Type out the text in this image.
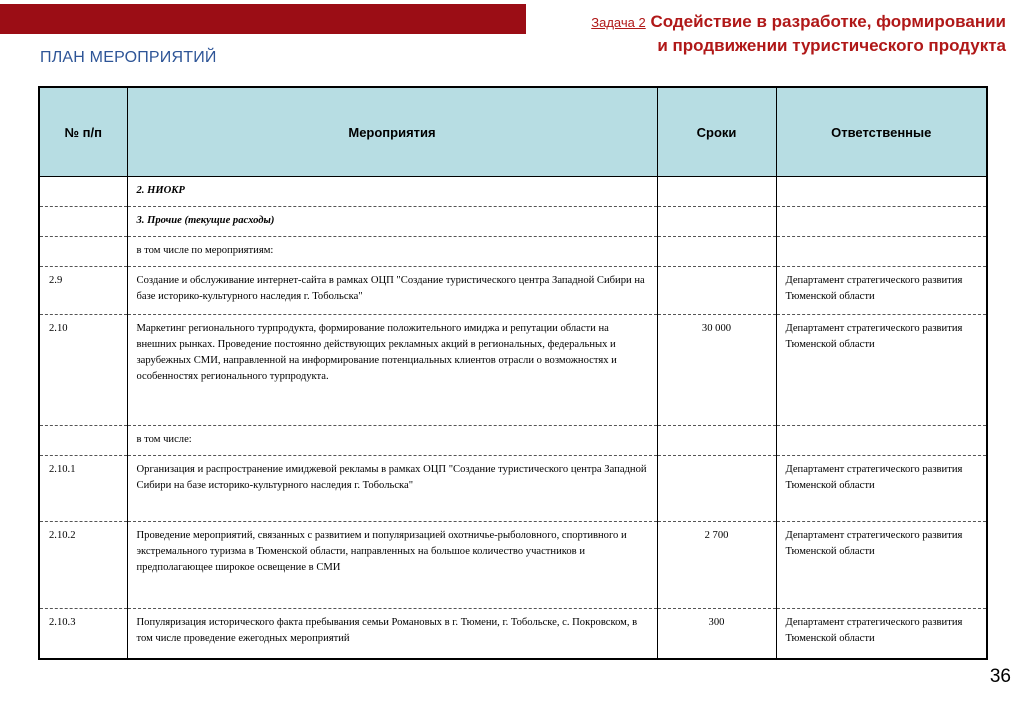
Задача 2 Содействие в разработке, формировании
и продвижении туристического продукта
ПЛАН МЕРОПРИЯТИЙ
№ п/п	Мероприятия	Сроки	Ответственные
	2. НИОКР		
	3. Прочие (текущие расходы)		
	в том числе по мероприятиям:		
2.9	Создание и обслуживание интернет-сайта в рамках ОЦП "Создание туристического центра Западной Сибири на базе историко-культурного наследия г. Тобольска"		Департамент стратегического развития Тюменской области
2.10	Маркетинг регионального турпродукта, формирование положительного имиджа и репутации области на внешних рынках. Проведение постоянно действующих рекламных акций в региональных, федеральных и зарубежных СМИ, направленной на информирование потенциальных клиентов отрасли о возможностях и особенностях регионального турпродукта.	30 000	Департамент стратегического развития Тюменской области
	в том числе:		
2.10.1	Организация и распространение имиджевой рекламы в рамках ОЦП "Создание туристического центра Западной Сибири на базе историко-культурного наследия г. Тобольска"		Департамент стратегического развития Тюменской области
2.10.2	Проведение мероприятий, связанных с развитием и популяризацией охотничье-рыболовного, спортивного и экстремального туризма в Тюменской области, направленных на большое количество участников и предполагающее широкое освещение в СМИ	2 700	Департамент стратегического развития Тюменской области
2.10.3	Популяризация исторического факта пребывания семьи Романовых в г. Тюмени, г. Тобольске, с. Покровском, в том числе проведение ежегодных мероприятий	300	Департамент стратегического развития Тюменской области
36
